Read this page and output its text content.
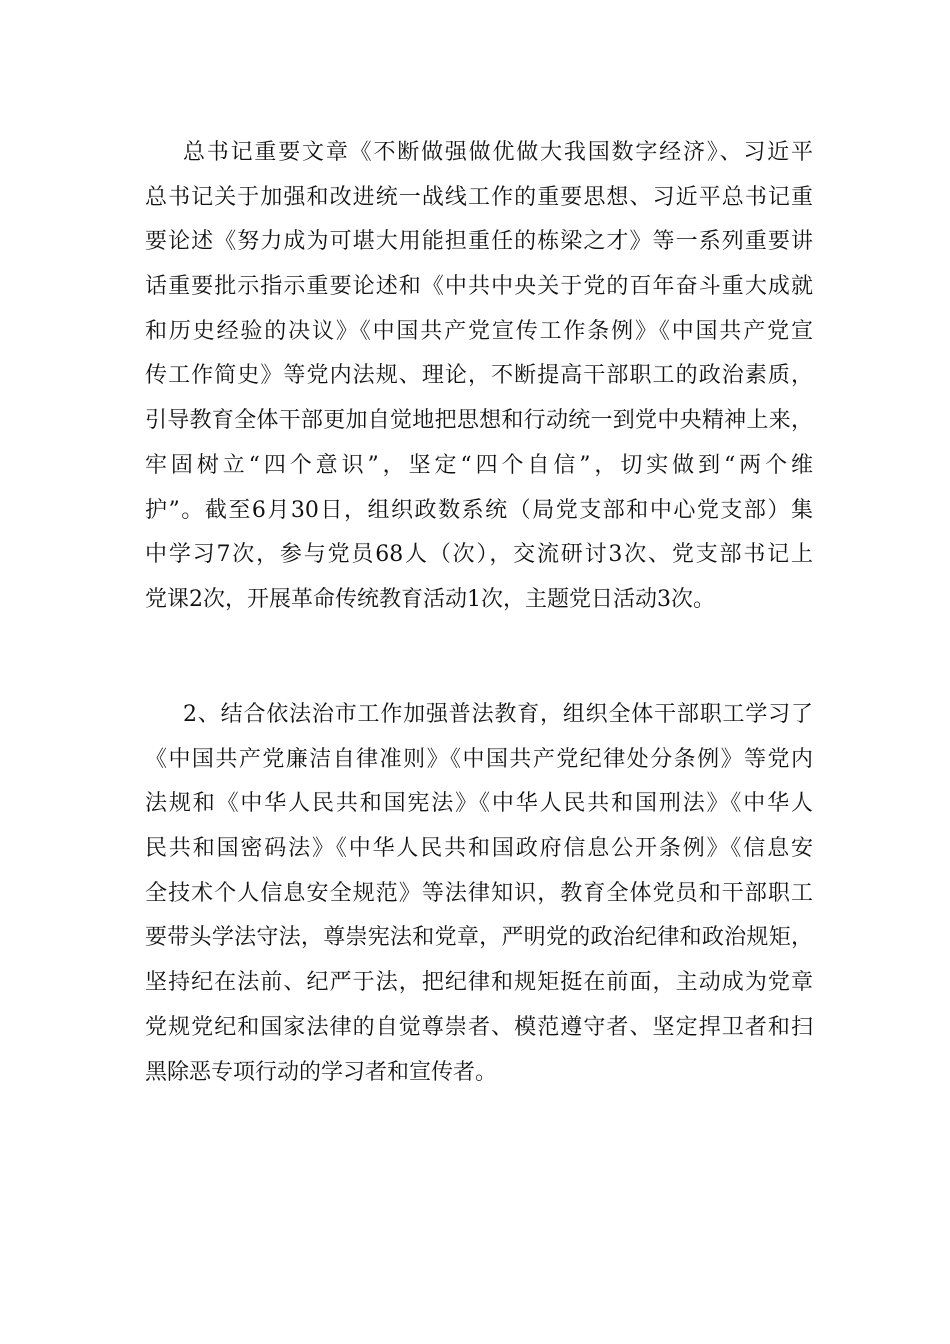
总书记重要文章《不断做强做优做大我国数字经济》、习近平
总书记关于加强和改进统一战线工作的重要思想、习近平总书记重
要论述《努力成为可堪大用能担重任的栋梁之才》等一系列重要讲
话重要批示指示重要论述和《中共中央关于党的百年奋斗重大成就
和历史经验的决议》《中国共产党宣传工作条例》《中国共产党宣
传工作简史》等党内法规、理论，不断提高干部职工的政治素质，
引导教育全体干部更加自觉地把思想和行动统一到党中央精神上来，
牢固树立“四个意识”，坚定“四个自信”，切实做到“两个维
护”。截至6月30日，组织政数系统（局党支部和中心党支部）集
中学习7次，参与党员68人（次），交流研讨3次、党支部书记上
党课2次，开展革命传统教育活动1次，主题党日活动3次。
2、结合依法治市工作加强普法教育，组织全体干部职工学习了
《中国共产党廉洁自律准则》《中国共产党纪律处分条例》等党内
法规和《中华人民共和国宪法》《中华人民共和国刑法》《中华人
民共和国密码法》《中华人民共和国政府信息公开条例》《信息安
全技术个人信息安全规范》等法律知识，教育全体党员和干部职工
要带头学法守法，尊崇宪法和党章，严明党的政治纪律和政治规矩，
坚持纪在法前、纪严于法，把纪律和规矩挺在前面，主动成为党章
党规党纪和国家法律的自觉尊崇者、模范遵守者、坚定捍卫者和扫
黑除恶专项行动的学习者和宣传者。
